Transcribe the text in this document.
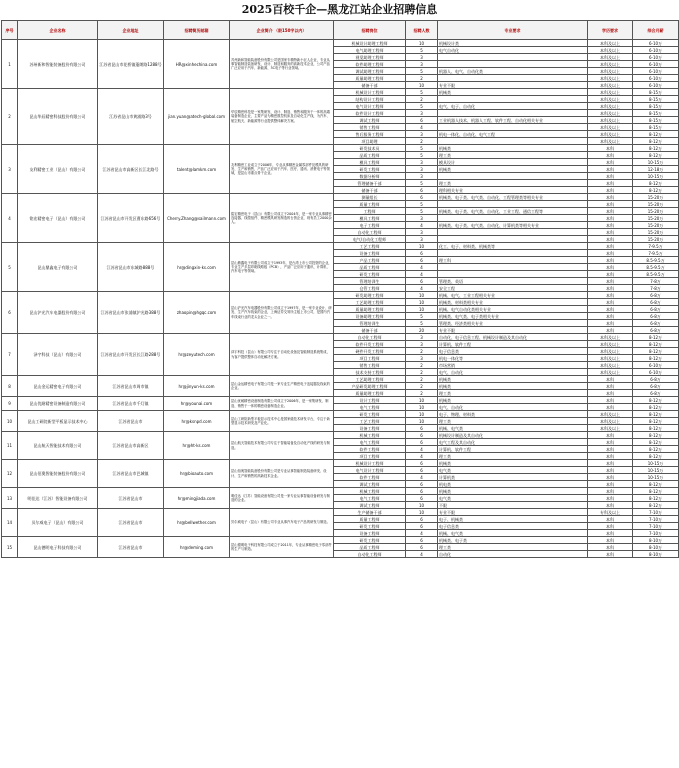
2025百校千企—黑龙江站企业招聘信息
序号	企业名称	企业地址	招聘简历邮箱	企业简介 （限150字以内）	招聘岗位	招聘人数	专业要求	学历要求	综合月薪
1	苏州新和智能装备股份有限公司	江苏省昆山市花桥镇蓬朗路1288号	HR@xinhechina.com	苏州新和智能装备股份有限公司是国家专精特新小巨人企业，专业从事智能制造装备研发、设计、制造和服务的高新技术企业，公司产品广泛应用于汽车、新能源、3C电子等行业领域。	机械设计助理工程师	10	机械设计类	本科及以上	6-10万
					电气助理工程师	5	电气自动化	本科及以上	6-10万
					视觉助理工程师	3		本科及以上	6-10万
					软件助理工程师	3		本科及以上	6-10万
					调试助理工程师	5	机器人、电气、自动化类	本科及以上	6-10万
					质量助理工程师	2		本科及以上	6-10万
					储备干部	10	专业不限	本科及以上	6-10万
2	昆山华辰精密科技股份有限公司	江苏省昆山市黄浦路3号	jian.yuan@atech-global.com	华辰精密科技是一家集研发、设计、制造、销售和服务于一体的高端装备制造企业，主要产品为精密数控机床及自动化生产线，为汽车、航空航天、新能源等行业提供整体解决方案。	机械设计工程师	5	机械类	本科及以上	8-15万
					结构设计工程师	2		本科及以上	8-15万
					电气设计工程师	5	电气、电子、自动化	本科及以上	8-15万
					软件设计工程师	3		本科及以上	8-15万
					调试工程师	6	工业机器人技术、机器人工程、软件工程、自动化相关专业	本科及以上	8-15万
					销售工程师	4		本科及以上	8-15万
					售后服务工程师	3	机电一体化、自动化、电气工程	本科及以上	8-12万
					项目助理	2		本科及以上	8-12万
3	友利精密工业（昆山）有限公司	江苏省昆山市高新区长江北路号	talent@lamkm.com	友利精密工业成立于2006年，专业从事精密金属零部件及模具的研发、生产和销售，产品广泛应用于汽车、医疗、通讯、消费电子等领域，是昆山市重点骨干企业。	研发技术员	5	机械类	本科	8-12万
					品质工程师	5	理工类	本科	8-12万
					模具工程师	3	模具设计	本科	10-15万
					研发工程师	3	机械类	本科	12-18万
					数据分析师	3		本科	10-15万
					管理储备干部	5	理工类	本科	8-12万
					储备干部	6	理科相关专业	本科	8-12万
4	铭宏精密电子（昆山）有限公司	江苏省昆山市开发区曹东路656号	Cherry.Zhang@sailmann.com	铭宏精密电子（昆山）有限公司成立于2004年，是一家专业从事精密连接器、线缆组件、精密模具研发制造的台资企业，现有员工2000余人。	测量组长	6	机械类、电子类、电气类、自动化、工程管理类等相关专业	本科	15-20万
					质量工程师	5		本科	15-20万
					工程师	5	机械类、电子类、电气类、自动化、工业工程、通信工程等	本科	15-20万
					模具工程师	3		本科	15-20万
					电子工程师	4	机械类、电子类、电气类、自动化、计算机类等相关专业	本科	15-20万
					自动化工程师	3		本科	15-20万
					电气/自动化工程师	3		本科	15-20万
5	昆山鼎鑫电子有限公司	江苏省昆山市东城路888号	hr@dingxin-ks.com	昆山鼎鑫电子有限公司成立于1993年，是台湾上市公司投资的企业，专业生产多层印刷线路板（PCB），产品广泛应用于通讯、计算机、汽车电子等领域。	工艺工程师	10	化工、电子、材料类、机械类等	本科	7-9.5万
					设备工程师	6		本科	7-9.5万
					产品工程师	6	理工科	本科	8.5-9.5万
					品质工程师	4		本科	8.5-9.5万
					研发工程师	4		本科	8.5-9.5万
					管理培训生	6	管理类、英语	本科	7-8万
					仓管工程师	4	安全工程	本科	7-8万
6	昆山沪光汽车电器股份有限公司	江苏省昆山市张浦镇沪光路388号	zhaopin@hgqc.com	昆山沪光汽车电器股份有限公司成立于1997年，是一家专业设计、研发、生产汽车线束的企业，上海证券交易所主板上市公司，是国内汽车线束行业的龙头企业之一。	研发助理工程师	10	机械、电气、工业工程相关专业	本科	6-8万
					工艺助理工程师	10	机械类、材料类相关专业	本科	6-8万
					质量助理工程师	10	机械、电气自动化类相关专业	本科	6-8万
					设备助理工程师	5	机械类、电气类、电子类相关专业	本科	6-8万
					管理培训生	5	管理类、经济类相关专业	本科	6-8万
					储备干部	20	专业不限	本科	6-8万
7	泽宇科技（昆山）有限公司	江苏省昆山市开发区长江路288号	hr@zeyutech.com	泽宇科技（昆山）有限公司专注于自动化设备及智能制造系统集成，为客户提供整体自动化解决方案。	自动化工程师	3	自动化、电子信息工程、机械设计制造及其自动化	本科及以上	8-12万
					软件开发工程师	3	计算机、软件工程	本科及以上	8-12万
					硬件开发工程师	2	电子信息类	本科及以上	8-12万
					项目工程师	3	机电一体化等	本科及以上	8-12万
					销售工程师	2	市场营销	本科及以上	6-10万
					技术支持工程师	2	电气、自动化	本科及以上	6-10万
8	昆山金运精密电子有限公司	江苏省昆山市周市镇	hr@jinyun-ks.com	昆山金运精密电子有限公司是一家专业生产精密电子连接器及线束的企业。	工艺助理工程师	2	机械类	本科	6-8万
					产品研发助理工程师	2	机械类	本科	6-8万
					质量助理工程师	2	理工类	本科	6-8万
9	昆山优耐精密设备制造有限公司	江苏省昆山市千灯镇	hr@younai.com	昆山优耐精密设备制造有限公司成立于2006年，是一家集研发、制造、销售于一体的精密设备制造企业。	设计工程师	10	机械类	本科	8-12万
					电气工程师	10	电气、自动化	本科	8-12万
10	昆山工研院新型平板显示技术中心	江苏省昆山市	hr@ksnpd.com	昆山工研院新型平板显示技术中心是国家级技术研发平台，专注于新型显示技术研发及产业化。	研发工程师	10	电子、物理、材料类	本科及以上	8-12万
					工艺工程师	10	理工类	本科及以上	8-12万
					设备工程师	6	机械、电气类	本科及以上	8-12万
11	昆山航天智能技术有限公司	江苏省昆山市高新区	hr@ht-ks.com	昆山航天智能技术有限公司专注于智能装备及自动化产线的研发与制造。	机械工程师	6	机械设计制造及其自动化	本科	8-12万
					电气工程师	6	电气工程及其自动化	本科	8-12万
					软件工程师	4	计算机、软件工程	本科	8-12万
					项目工程师	4	理工类	本科	8-12万
12	昆山佰奥智能装备股份有限公司	江苏省昆山市巴城镇	hr@bioauto.com	昆山佰奥智能装备股份有限公司是专业从事智能制造装备研发、设计、生产和销售的高新技术企业。	机械设计工程师	6	机械类	本科	10-15万
					电气设计工程师	6	电气类	本科	10-15万
					软件工程师	4	计算机类	本科	10-15万
					调试工程师	6	机电类	本科	8-12万
13	明佳达（江苏）智能设备有限公司	江苏省昆山市	hr@mingjiada.com	明佳达（江苏）智能设备有限公司是一家专业从事智能设备研发与制造的企业。	机械工程师	6	机械类	本科	8-12万
					电气工程师	6	电气类	本科	8-12万
					调试工程师	10	不限	本科	8-12万
14	贝尔威电子（昆山）有限公司	江苏省昆山市	hr@bellwether.com	贝尔威电子（昆山）有限公司专业从事汽车电子产品的研发与制造。	生产储备干部	10	专业不限	专科及以上	7-10万
					质量工程师	6	电子、机械类	本科	7-10万
					研发工程师	6	电子信息类	本科	7-10万
					设备工程师	4	机械、电气类	本科	7-10万
15	昆山德明电子科技有限公司	江苏省昆山市	hr@deming.com	昆山德明电子科技有限公司成立于2011年，专业从事精密电子零部件的生产与制造。	研发工程师	6	机械类、电子类	本科	8-10万
					品质工程师	6	理工类	本科	8-10万
					自动化工程师	4	自动化	本科	8-10万
